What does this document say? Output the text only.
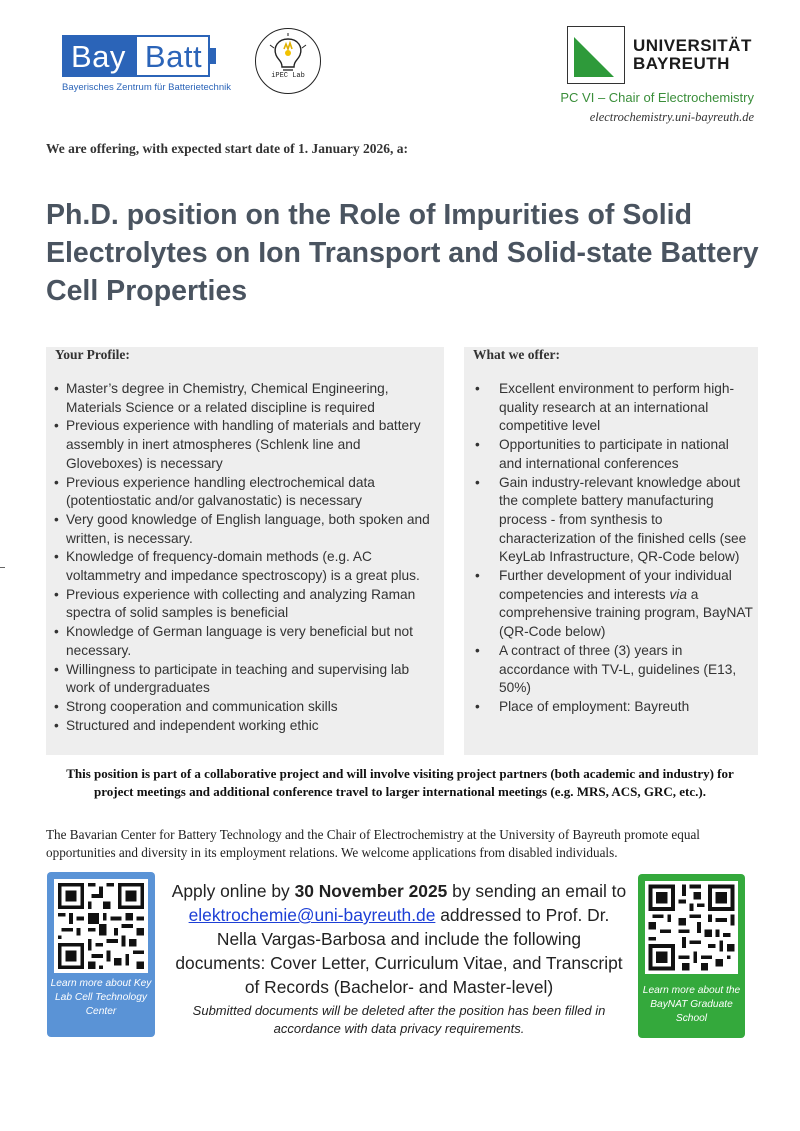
Bay Batt
Bayerisches Zentrum für Batterietechnik
iPEC Lab
UNIVERSITÄT
BAYREUTH
PC VI – Chair of Electrochemistry
electrochemistry.uni-bayreuth.de
We are offering, with expected start date of 1. January 2026, a:
Ph.D. position on the Role of Impurities of Solid Electrolytes on Ion Transport and Solid-state Battery Cell Properties
Your Profile:
• Master’s degree in Chemistry, Chemical Engineering, Materials Science or a related discipline is required
• Previous experience with handling of materials and battery assembly in inert atmospheres (Schlenk line and Gloveboxes) is necessary
• Previous experience handling electrochemical data (potentiostatic and/or galvanostatic) is necessary
• Very good knowledge of English language, both spoken and written, is necessary.
• Knowledge of frequency-domain methods (e.g. AC voltammetry and impedance spectroscopy) is a great plus.
• Previous experience with collecting and analyzing Raman spectra of solid samples is beneficial
• Knowledge of German language is very beneficial but not necessary.
• Willingness to participate in teaching and supervising lab work of undergraduates
• Strong cooperation and communication skills
• Structured and independent working ethic
What we offer:
• Excellent environment to perform high-quality research at an international competitive level
• Opportunities to participate in national and international conferences
• Gain industry-relevant knowledge about the complete battery manufacturing process - from synthesis to characterization of the finished cells (see KeyLab Infrastructure, QR-Code below)
• Further development of your individual competencies and interests via a comprehensive training program, BayNAT (QR-Code below)
• A contract of three (3) years in accordance with TV-L, guidelines (E13, 50%)
• Place of employment: Bayreuth
This position is part of a collaborative project and will involve visiting project partners (both academic and industry) for project meetings and additional conference travel to larger international meetings (e.g. MRS, ACS, GRC, etc.).
The Bavarian Center for Battery Technology and the Chair of Electrochemistry at the University of Bayreuth promote equal opportunities and diversity in its employment relations. We welcome applications from disabled individuals.
Learn more about Key Lab Cell Technology Center
Apply online by 30 November 2025 by sending an email to elektrochemie@uni-bayreuth.de addressed to Prof. Dr. Nella Vargas-Barbosa and include the following documents: Cover Letter, Curriculum Vitae, and Transcript of Records (Bachelor- and Master-level)
Submitted documents will be deleted after the position has been filled in accordance with data privacy requirements.
Learn more about the BayNAT Graduate School
